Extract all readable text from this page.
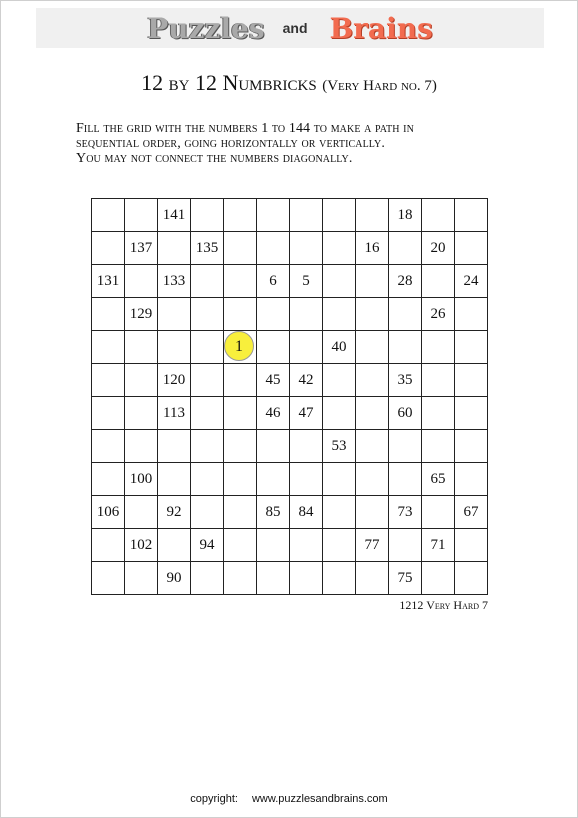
Puzzles and Brains
12 by 12 Numbricks (Very Hard no. 7)
Fill the grid with the numbers 1 to 144 to make a path in
sequential order, going horizontally or vertically.
You may not connect the numbers diagonally.
		141							18		
	137		135					16		20	
131		133			6	5			28		24
	129									26	

				1			40				
		120			45	42			35		
		113			46	47			60		
							53				
	100									65	
106		92			85	84			73		67
	102		94					77		71	
		90							75		
1212 Very Hard 7
copyright: www.puzzlesandbrains.com
